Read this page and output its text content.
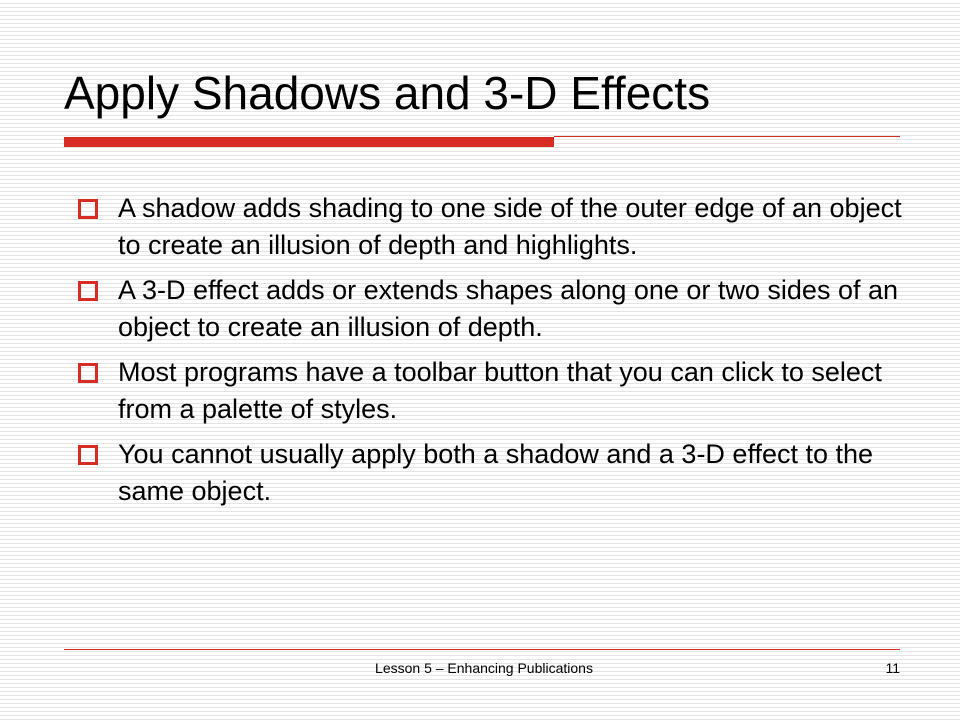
Apply Shadows and 3-D Effects
A shadow adds shading to one side of the outer edge of an object to create an illusion of depth and highlights.
A 3-D effect adds or extends shapes along one or two sides of an object to create an illusion of depth.
Most programs have a toolbar button that you can click to select from a palette of styles.
You cannot usually apply both a shadow and a 3-D effect to the same object.
Lesson 5 – Enhancing Publications	11
